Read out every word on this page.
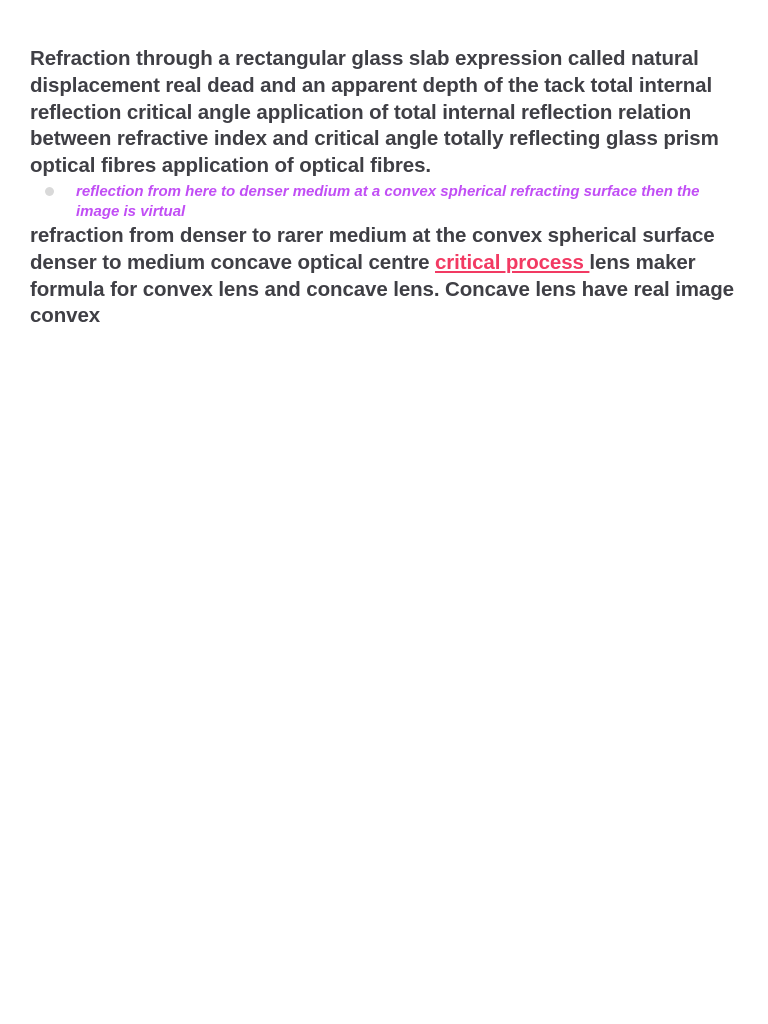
Refraction through a rectangular glass slab expression called natural displacement real dead and an apparent depth of the tack total internal reflection critical angle application of total internal reflection relation between refractive index and critical angle totally reflecting glass prism optical fibres application of optical fibres.

reflection from here to denser medium at a convex spherical refracting surface then the image is virtual

refraction from denser to rarer medium at the convex spherical surface denser to medium concave optical centre critical process lens maker formula for convex lens and concave lens. Concave lens have real image convex
